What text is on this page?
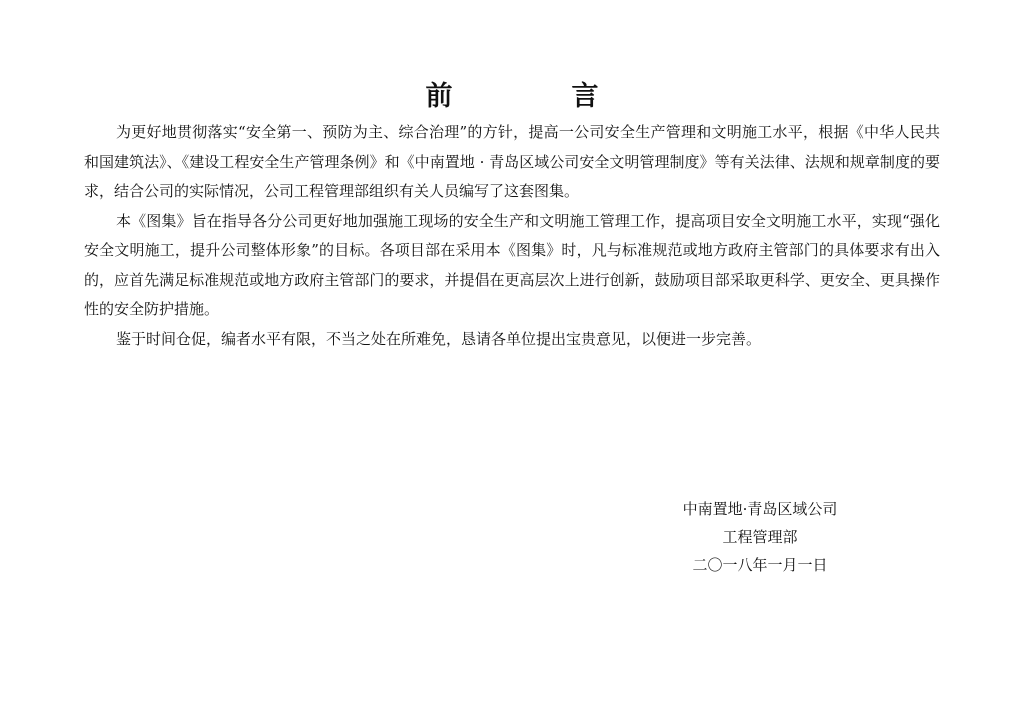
前　言

为更好地贯彻落实“安全第一、预防为主、综合治理”的方针，提高一公司安全生产管理和文明施工水平，根据《中华人民共和国建筑法》、《建设工程安全生产管理条例》和《中南置地 · 青岛区域公司安全文明管理制度》等有关法律、法规和规章制度的要求，结合公司的实际情况，公司工程管理部组织有关人员编写了这套图集。

本《图集》旨在指导各分公司更好地加强施工现场的安全生产和文明施工管理工作，提高项目安全文明施工水平，实现“强化安全文明施工，提升公司整体形象”的目标。各项目部在采用本《图集》时，凡与标准规范或地方政府主管部门的具体要求有出入的，应首先满足标准规范或地方政府主管部门的要求，并提倡在更高层次上进行创新，鼓励项目部采取更科学、更安全、更具操作性的安全防护措施。

鉴于时间仓促，编者水平有限，不当之处在所难免，恳请各单位提出宝贵意见，以便进一步完善。

中南置地·青岛区域公司
工程管理部
二〇一八年一月一日
